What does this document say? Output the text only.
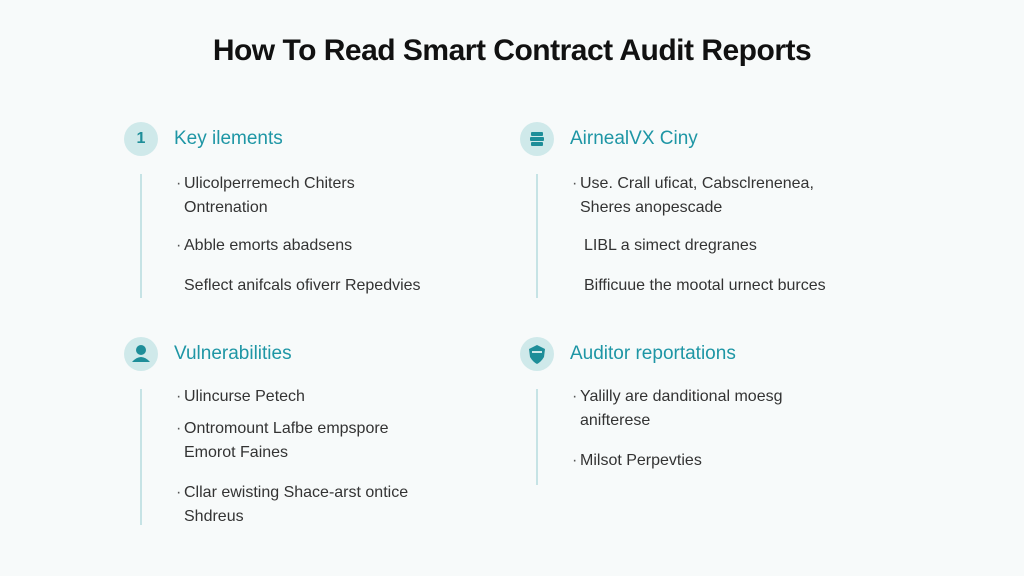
How To Read Smart Contract Audit Reports
1	Key ilements
· Ulicolperremech Chiters
Ontrenation
· Abble emorts abadsens
Seflect anifcals ofiverr Repedvies
AirnealVX Ciny
· Use. Crall uficat, Cabsclrenenea,
Sheres anopescade
LIBL a simect dregranes
Bifficuue the mootal urnect burces
Vulnerabilities
· Ulincurse Petech
· Ontromount Lafbe empspore
Emorot Faines
· Cllar ewisting Shace-arst ontice
Shdreus
Auditor reportations
· Yalilly are danditional moesg
anifterese
· Milsot Perpevties
